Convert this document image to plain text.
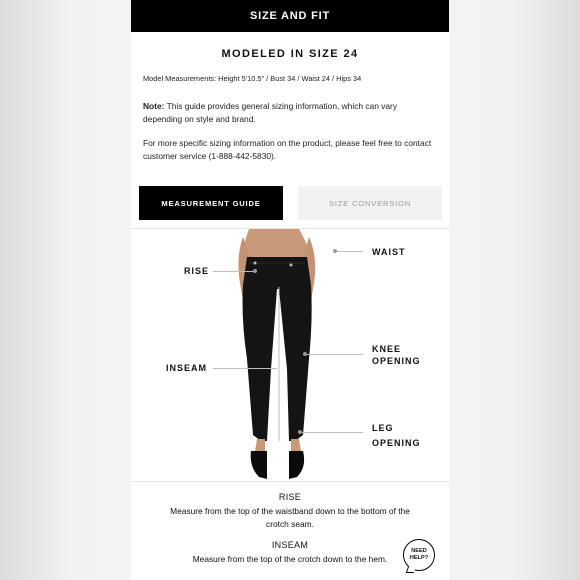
SIZE AND FIT
MODELED IN SIZE 24
Model Measurements: Height 5'10.5" / Bust 34 / Waist 24 / Hips 34
Note: This guide provides general sizing information, which can vary depending on style and brand.
For more specific sizing information on the product, please feel free to contact customer service (1-888-442-5830).
MEASUREMENT GUIDE	SIZE CONVERSION
WAIST
RISE
KNEE
OPENING
INSEAM
LEG
OPENING
RISE
Measure from the top of the waistband down to the bottom of the crotch seam.
INSEAM
Measure from the top of the crotch down to the hem.
NEED
HELP?
